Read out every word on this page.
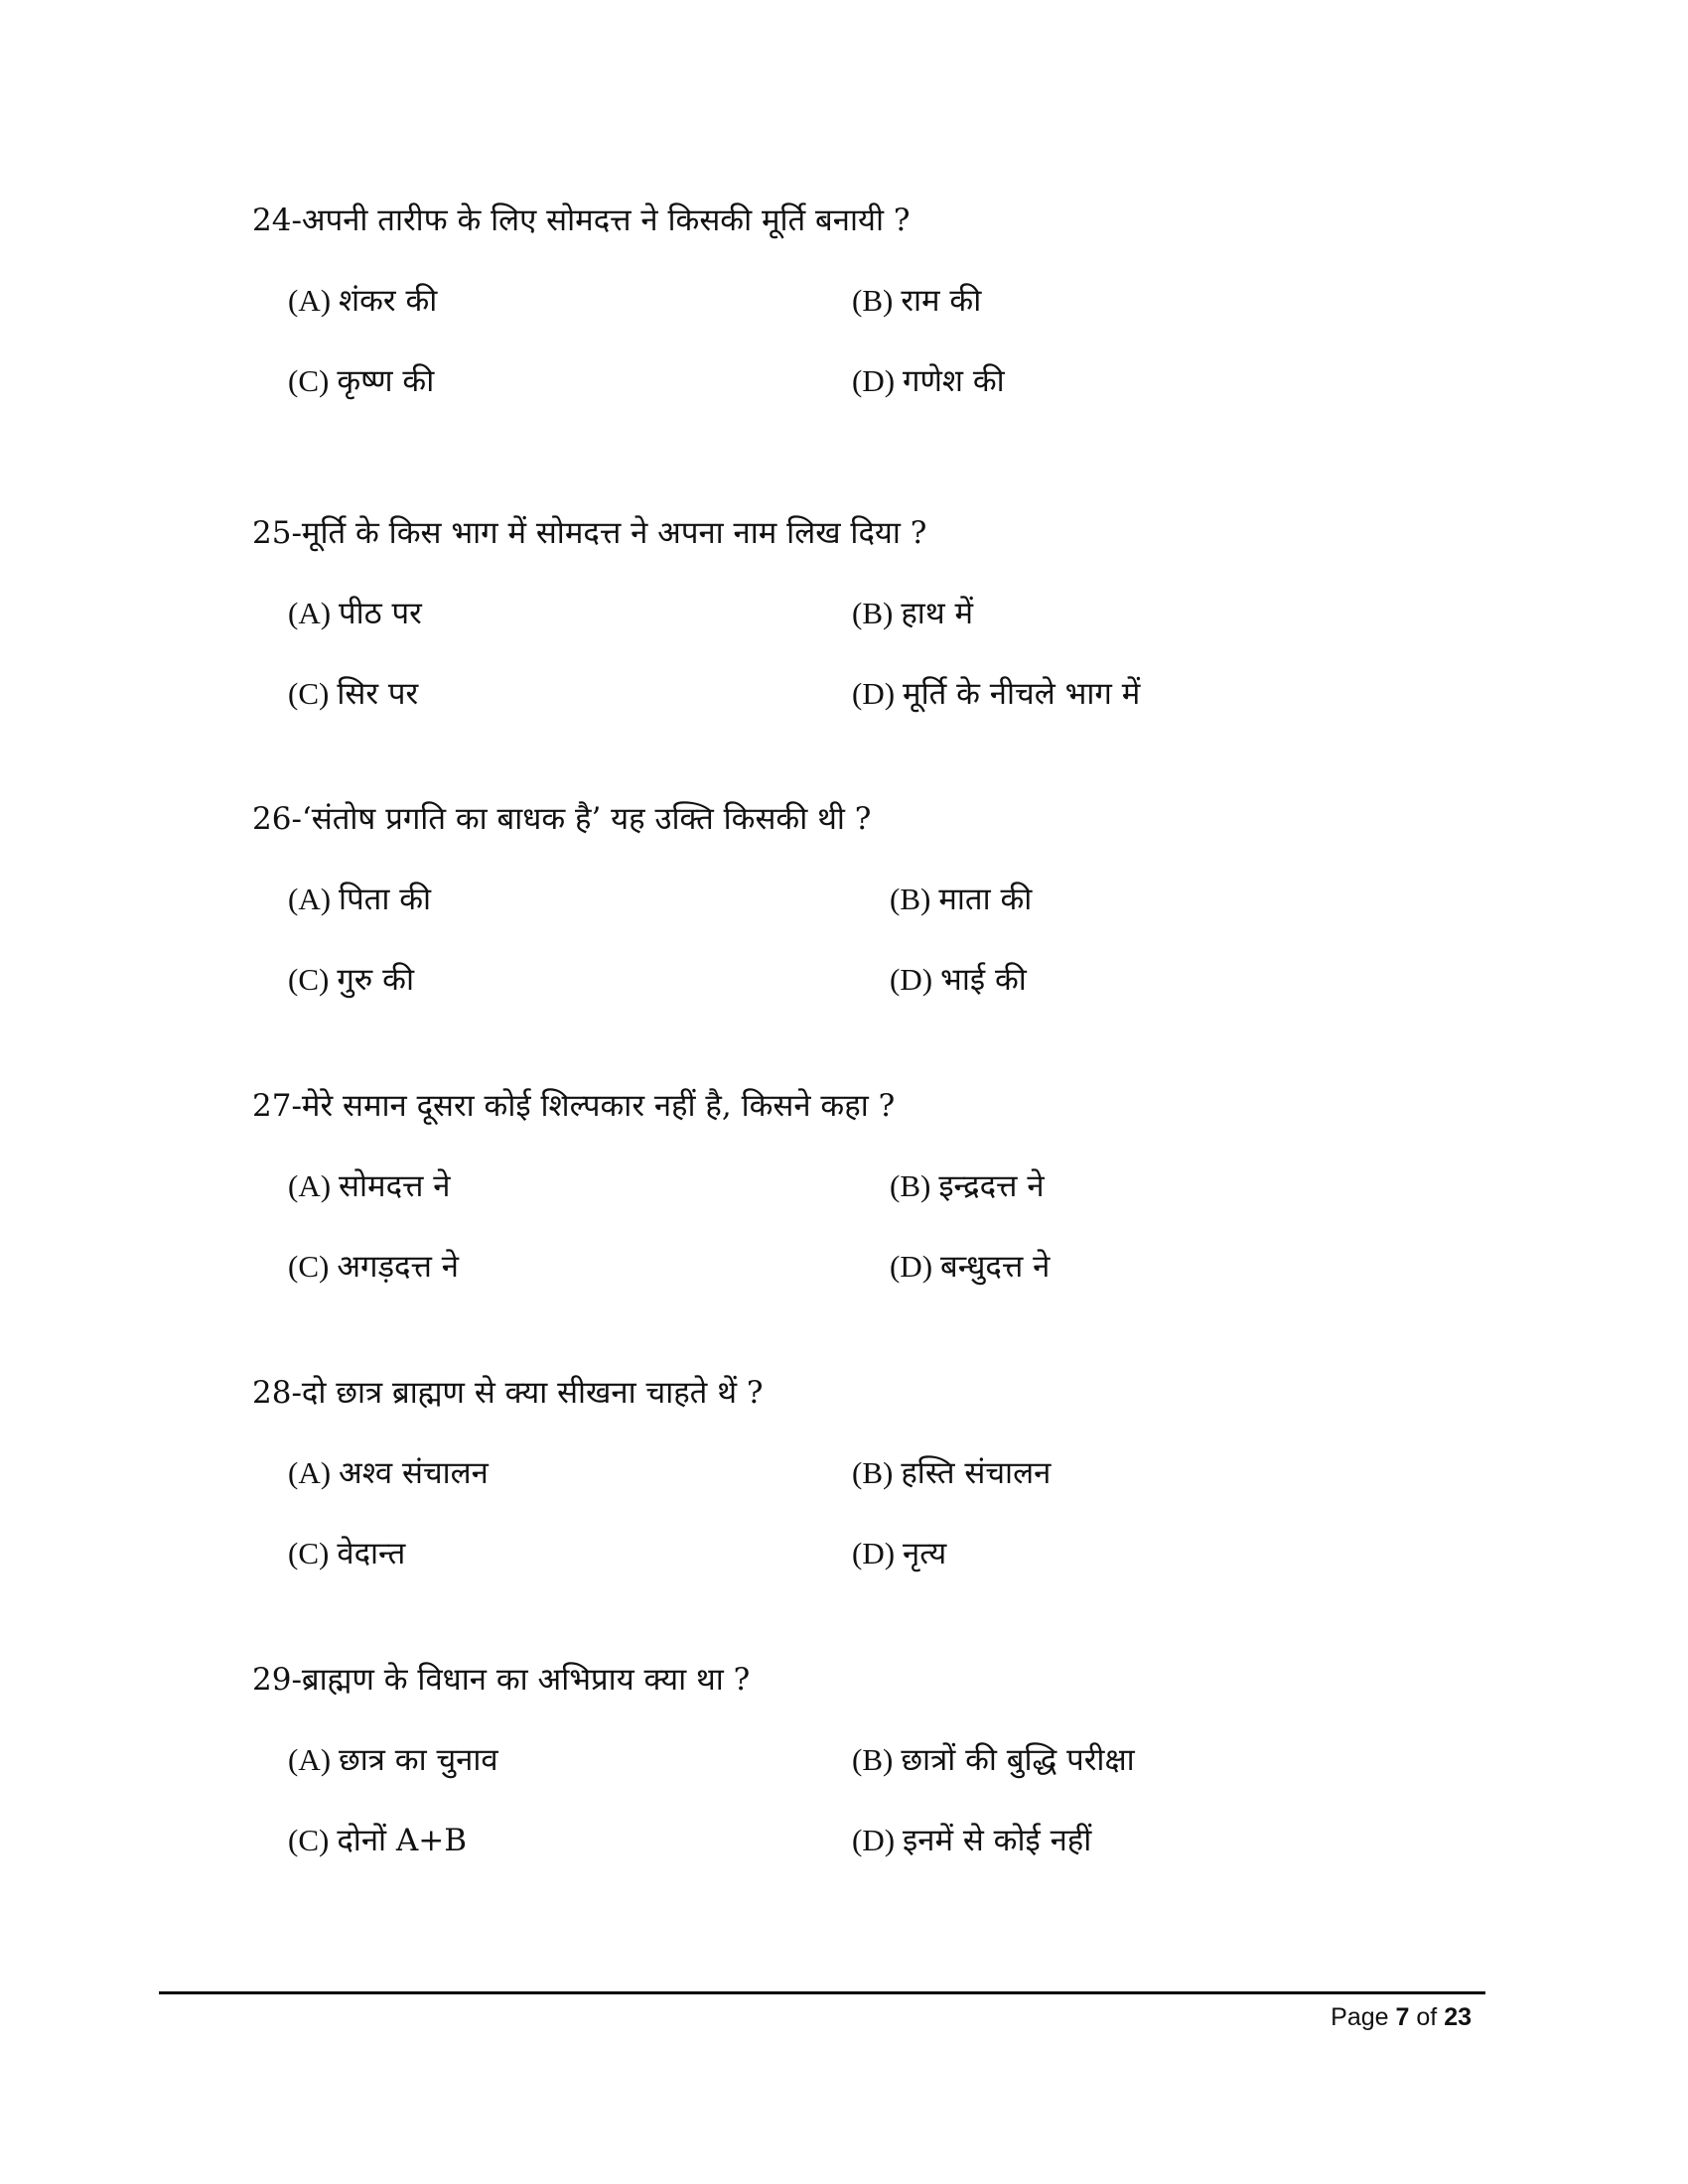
24-अपनी तारीफ के लिए सोमदत्त ने किसकी मूर्ति बनायी ?
(A) शंकर की	(B) राम की
(C) कृष्ण की	(D) गणेश की
25-मूर्ति के किस भाग में सोमदत्त ने अपना नाम लिख दिया ?
(A) पीठ पर	(B) हाथ में
(C) सिर पर	(D) मूर्ति के नीचले भाग में
26-‘संतोष प्रगति का बाधक है’ यह उक्ति किसकी थी ?
(A) पिता की	(B) माता की
(C) गुरु की	(D) भाई की
27-मेरे समान दूसरा कोई शिल्पकार नहीं है, किसने कहा ?
(A) सोमदत्त ने	(B) इन्द्रदत्त ने
(C) अगड़दत्त ने	(D) बन्धुदत्त ने
28-दो छात्र ब्राह्मण से क्या सीखना चाहते थें ?
(A) अश्व संचालन	(B) हस्ति संचालन
(C) वेदान्त	(D) नृत्य
29-ब्राह्मण के विधान का अभिप्राय क्या था ?
(A) छात्र का चुनाव	(B) छात्रों की बुद्धि परीक्षा
(C) दोनों A+B	(D) इनमें से कोई नहीं
Page 7 of 23
